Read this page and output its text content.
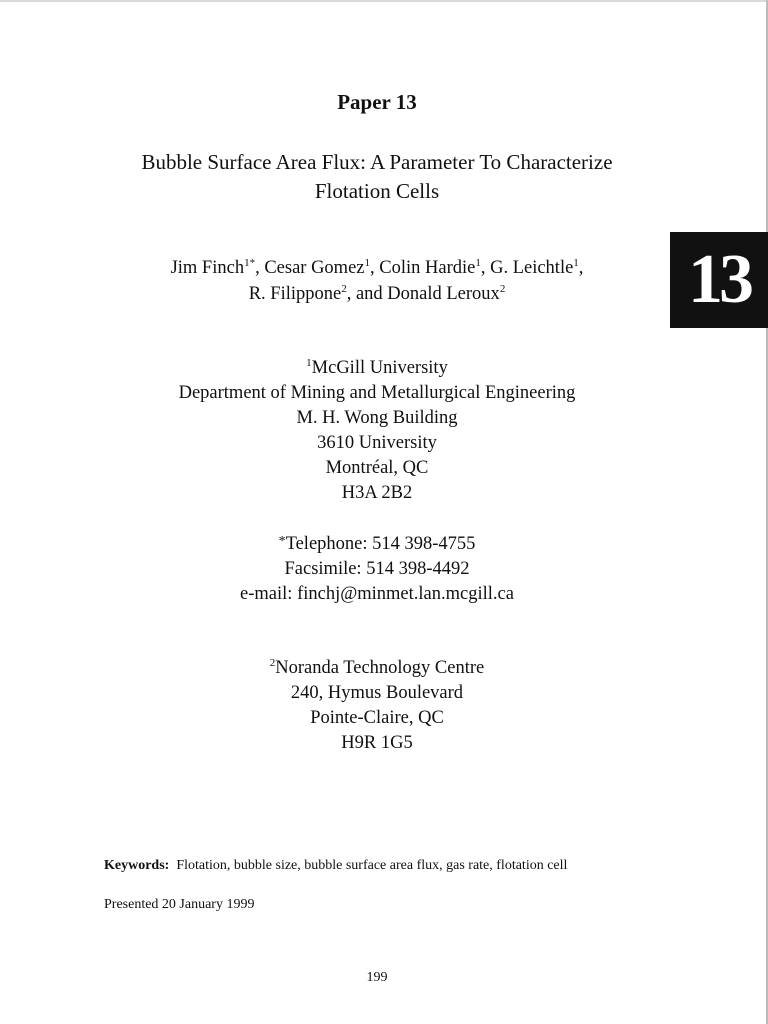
Paper 13
Bubble Surface Area Flux: A Parameter To Characterize
Flotation Cells
Jim Finch$^{1*}$, Cesar Gomez$^1$, Colin Hardie$^1$, G. Leichtle$^1$,
R. Filippone$^2$, and Donald Leroux$^2$	13
$^1$McGill University
Department of Mining and Metallurgical Engineering
M. H. Wong Building
3610 University
Montréal, QC
H3A 2B2
*Telephone: 514 398-4755
Facsimile: 514 398-4492
e-mail: finchj@minmet.lan.mcgill.ca
$^2$Noranda Technology Centre
240, Hymus Boulevard
Pointe-Claire, QC
H9R 1G5
Keywords:  Flotation, bubble size, bubble surface area flux, gas rate, flotation cell
Presented 20 January 1999
199
